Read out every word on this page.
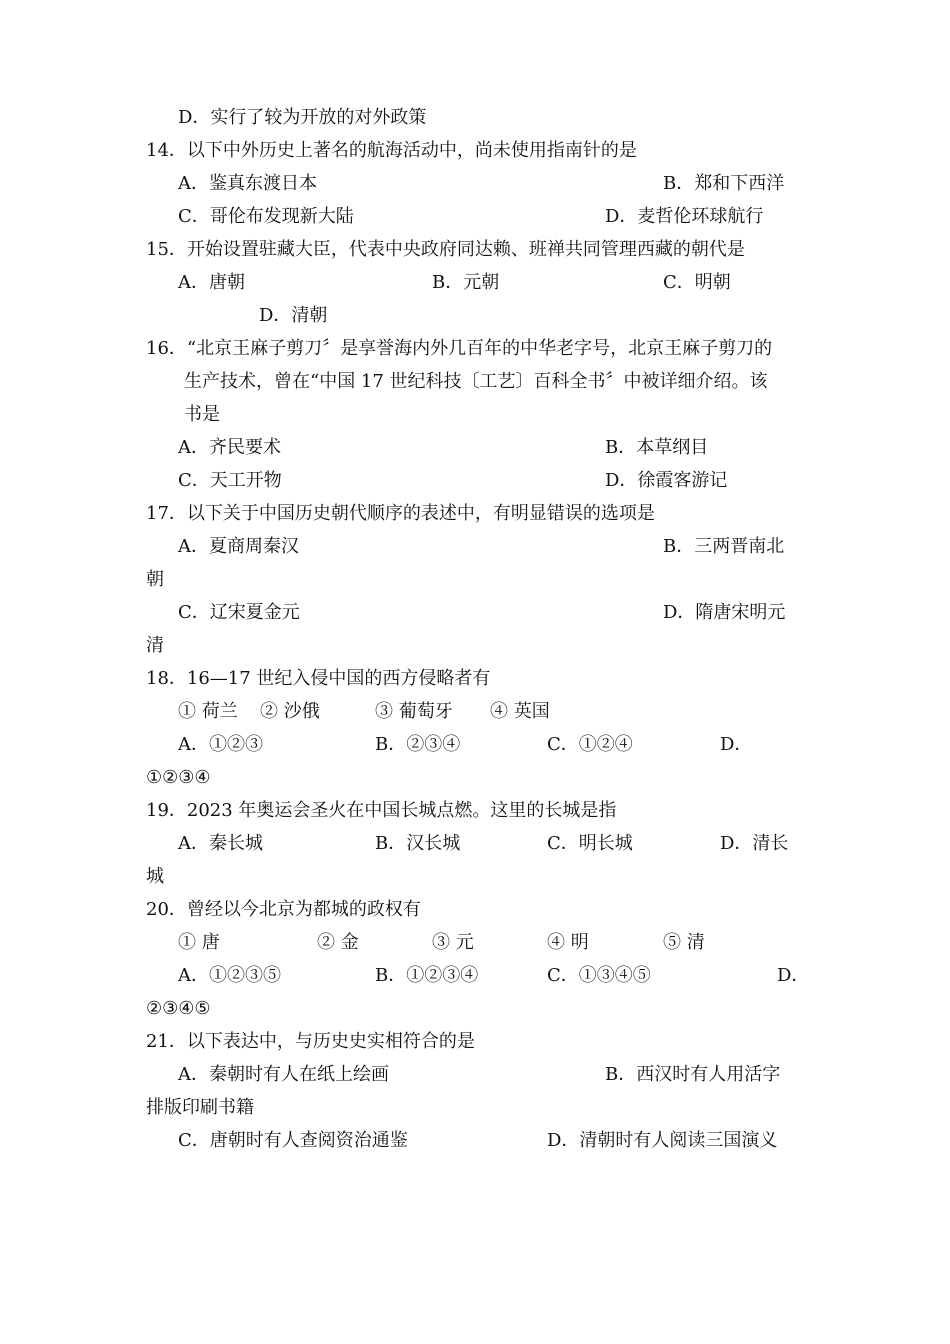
D．实行了较为开放的对外政策
14．以下中外历史上著名的航海活动中，尚未使用指南针的是
A．鉴真东渡日本	B．郑和下西洋
C．哥伦布发现新大陆	D．麦哲伦环球航行
15．开始设置驻藏大臣，代表中央政府同达赖、班禅共同管理西藏的朝代是
A．唐朝	B．元朝	C．明朝
D．清朝
16．“北京王麻子剪刀〞是享誉海内外几百年的中华老字号，北京王麻子剪刀的
生产技术，曾在“中国 17 世纪科技〔工艺〕百科全书〞中被详细介绍。该
书是
A．齐民要术	B．本草纲目
C．天工开物	D．徐霞客游记
17．以下关于中国历史朝代顺序的表述中，有明显错误的选项是
A．夏商周秦汉	B．三两晋南北
朝
C．辽宋夏金元	D．隋唐宋明元
清
18．16—17 世纪入侵中国的西方侵略者有
① 荷兰 ② 沙俄	③ 葡萄牙 ④ 英国
A．①②③	B．②③④	C．①②④	D．
①②③④
19．2023 年奥运会圣火在中国长城点燃。这里的长城是指
A．秦长城	B．汉长城	C．明长城	D．清长
城
20．曾经以今北京为都城的政权有
① 唐	② 金	③ 元	④ 明	⑤ 清
A．①②③⑤	B．①②③④	C．①③④⑤	D．
②③④⑤
21．以下表达中，与历史史实相符合的是
A．秦朝时有人在纸上绘画	B．西汉时有人用活字
排版印刷书籍
C．唐朝时有人查阅资治通鉴	D．清朝时有人阅读三国演义
